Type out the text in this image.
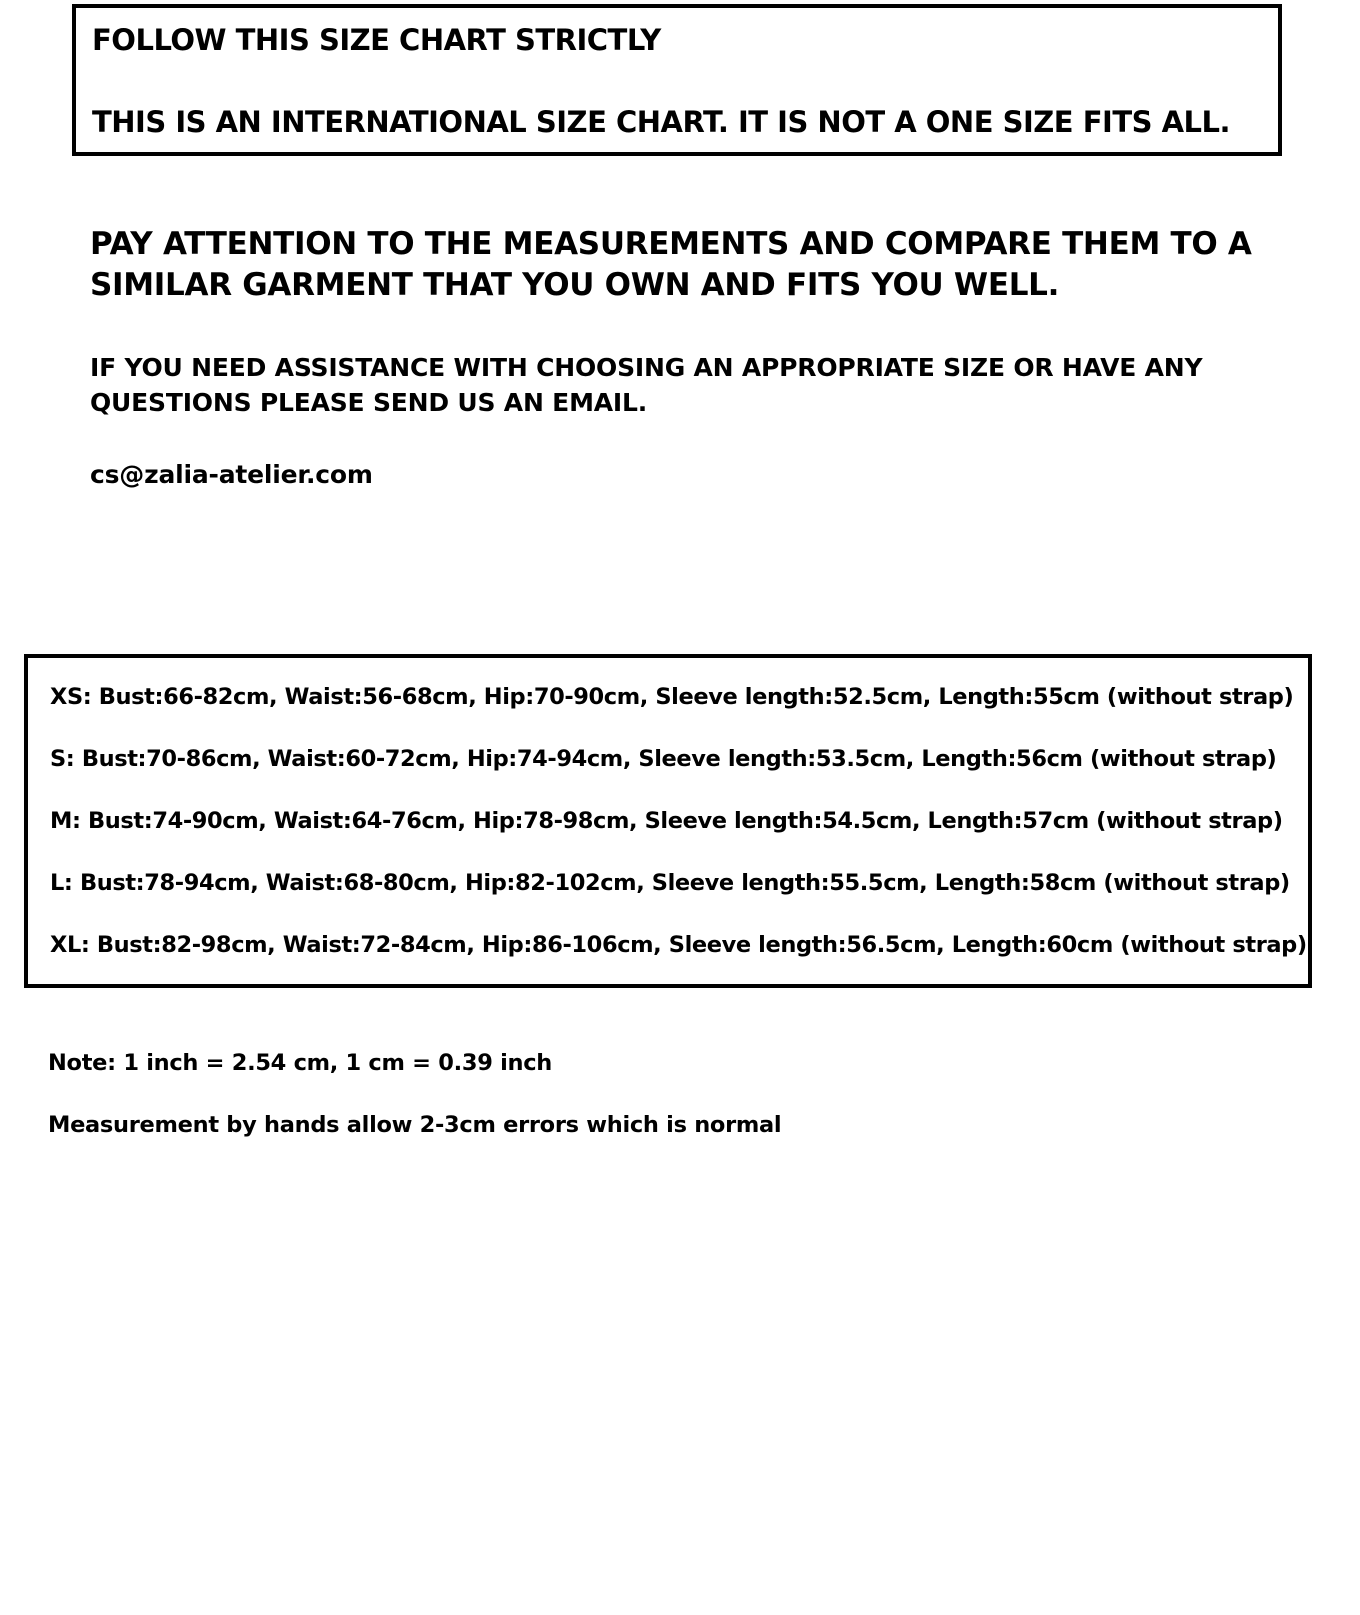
FOLLOW THIS SIZE CHART STRICTLY
THIS IS AN INTERNATIONAL SIZE CHART. IT IS NOT A ONE SIZE FITS ALL.
PAY ATTENTION TO THE MEASUREMENTS AND COMPARE THEM TO A SIMILAR GARMENT THAT YOU OWN AND FITS YOU WELL.
IF YOU NEED ASSISTANCE WITH CHOOSING AN APPROPRIATE SIZE OR HAVE ANY QUESTIONS PLEASE SEND US AN EMAIL.
cs@zalia-atelier.com
XS: Bust:66-82cm, Waist:56-68cm, Hip:70-90cm, Sleeve length:52.5cm, Length:55cm (without strap)
S: Bust:70-86cm, Waist:60-72cm, Hip:74-94cm, Sleeve length:53.5cm, Length:56cm (without strap)
M: Bust:74-90cm, Waist:64-76cm, Hip:78-98cm, Sleeve length:54.5cm, Length:57cm (without strap)
L: Bust:78-94cm, Waist:68-80cm, Hip:82-102cm, Sleeve length:55.5cm, Length:58cm (without strap)
XL: Bust:82-98cm, Waist:72-84cm, Hip:86-106cm, Sleeve length:56.5cm, Length:60cm (without strap)
Note: 1 inch = 2.54 cm, 1 cm = 0.39 inch
Measurement by hands allow 2-3cm errors which is normal
